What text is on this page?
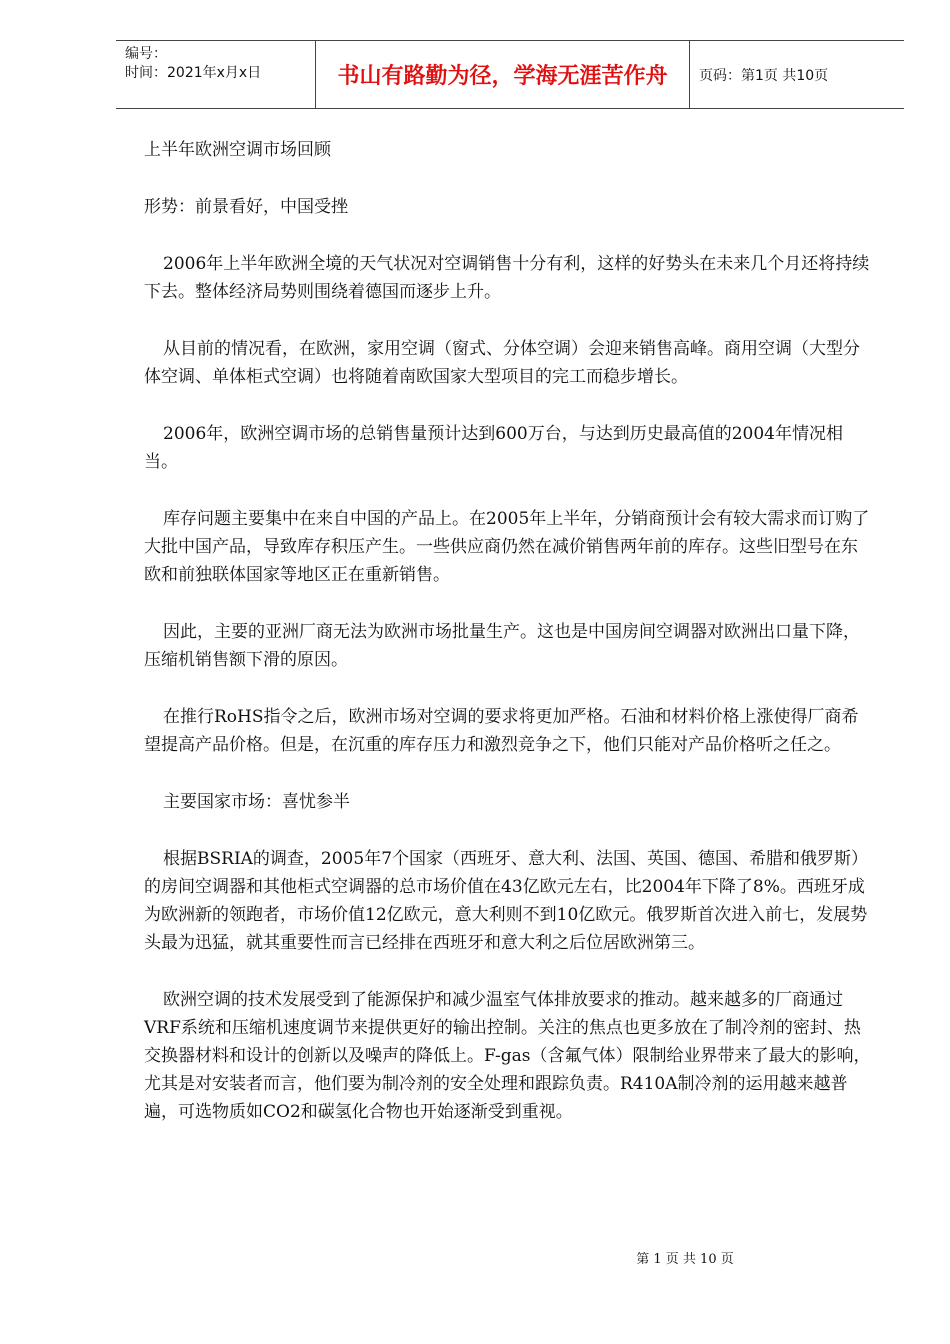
编号：
时间：2021年x月x日	书山有路勤为径，学海无涯苦作舟	页码：第1页 共10页

上半年欧洲空调市场回顾

形势：前景看好，中国受挫

2006年上半年欧洲全境的天气状况对空调销售十分有利，这样的好势头在未来几个月还将持续下去。整体经济局势则围绕着德国而逐步上升。

从目前的情况看，在欧洲，家用空调（窗式、分体空调）会迎来销售高峰。商用空调（大型分体空调、单体柜式空调）也将随着南欧国家大型项目的完工而稳步增长。

2006年，欧洲空调市场的总销售量预计达到600万台，与达到历史最高值的2004年情况相当。

库存问题主要集中在来自中国的产品上。在2005年上半年，分销商预计会有较大需求而订购了大批中国产品，导致库存积压产生。一些供应商仍然在减价销售两年前的库存。这些旧型号在东欧和前独联体国家等地区正在重新销售。

因此，主要的亚洲厂商无法为欧洲市场批量生产。这也是中国房间空调器对欧洲出口量下降，压缩机销售额下滑的原因。

在推行RoHS指令之后，欧洲市场对空调的要求将更加严格。石油和材料价格上涨使得厂商希望提高产品价格。但是，在沉重的库存压力和激烈竞争之下，他们只能对产品价格听之任之。

主要国家市场：喜忧参半

根据BSRIA的调查，2005年7个国家（西班牙、意大利、法国、英国、德国、希腊和俄罗斯）的房间空调器和其他柜式空调器的总市场价值在43亿欧元左右，比2004年下降了8%。西班牙成为欧洲新的领跑者，市场价值12亿欧元，意大利则不到10亿欧元。俄罗斯首次进入前七，发展势头最为迅猛，就其重要性而言已经排在西班牙和意大利之后位居欧洲第三。

欧洲空调的技术发展受到了能源保护和减少温室气体排放要求的推动。越来越多的厂商通过VRF系统和压缩机速度调节来提供更好的输出控制。关注的焦点也更多放在了制冷剂的密封、热交换器材料和设计的创新以及噪声的降低上。F-gas（含氟气体）限制给业界带来了最大的影响，尤其是对安装者而言，他们要为制冷剂的安全处理和跟踪负责。R410A制冷剂的运用越来越普遍，可选物质如CO2和碳氢化合物也开始逐渐受到重视。

第 1 页 共 10 页
